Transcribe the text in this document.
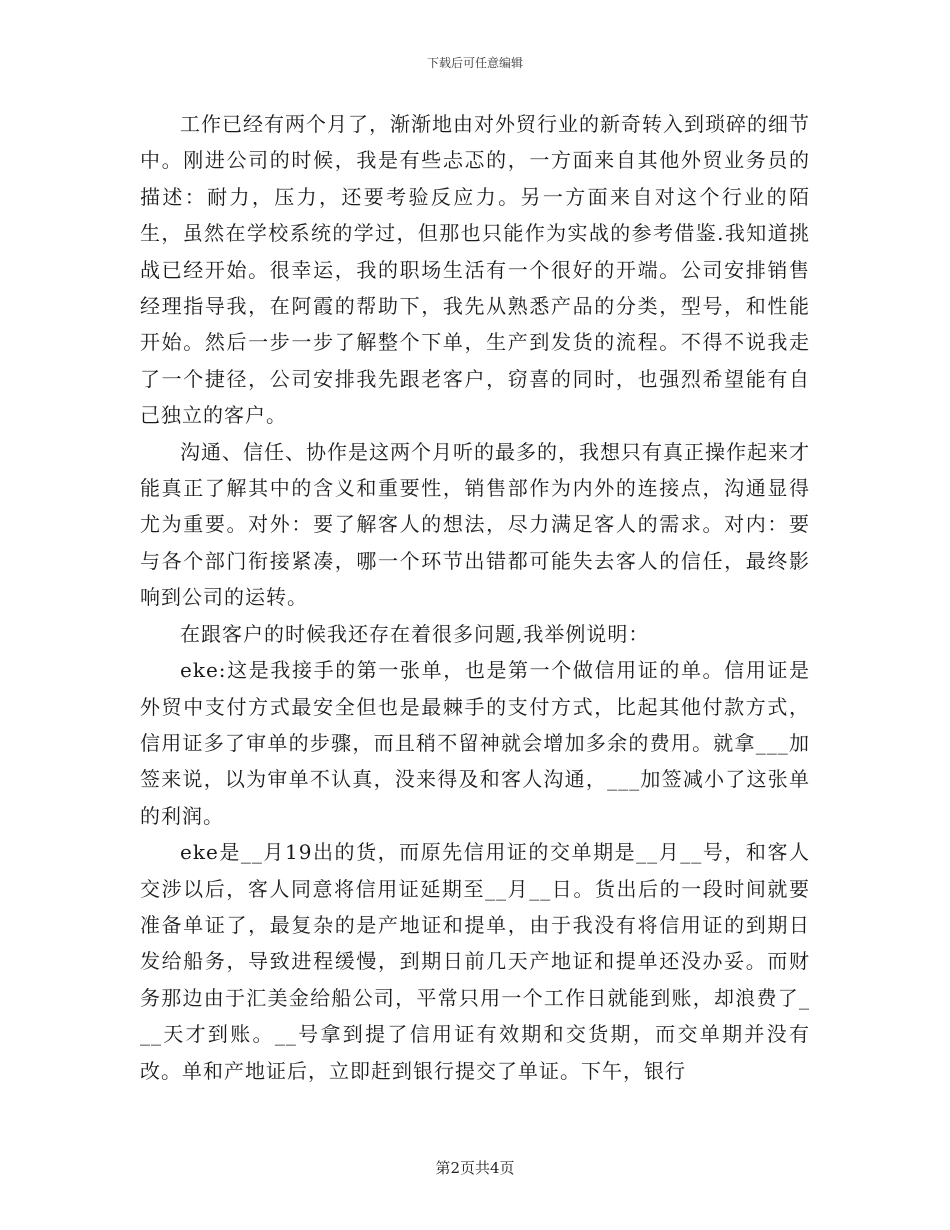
下载后可任意编辑

工作已经有两个月了，渐渐地由对外贸行业的新奇转入到琐碎的细节中。刚进公司的时候，我是有些忐忑的，一方面来自其他外贸业务员的描述：耐力，压力，还要考验反应力。另一方面来自对这个行业的陌生，虽然在学校系统的学过，但那也只能作为实战的参考借鉴.我知道挑战已经开始。很幸运，我的职场生活有一个很好的开端。公司安排销售经理指导我，在阿霞的帮助下，我先从熟悉产品的分类，型号，和性能开始。然后一步一步了解整个下单，生产到发货的流程。不得不说我走了一个捷径，公司安排我先跟老客户，窃喜的同时，也强烈希望能有自己独立的客户。

沟通、信任、协作是这两个月听的最多的，我想只有真正操作起来才能真正了解其中的含义和重要性，销售部作为内外的连接点，沟通显得尤为重要。对外：要了解客人的想法，尽力满足客人的需求。对内：要与各个部门衔接紧凑，哪一个环节出错都可能失去客人的信任，最终影响到公司的运转。

在跟客户的时候我还存在着很多问题,我举例说明：

eke:这是我接手的第一张单，也是第一个做信用证的单。信用证是外贸中支付方式最安全但也是最棘手的支付方式，比起其他付款方式，信用证多了审单的步骤，而且稍不留神就会增加多余的费用。就拿___加签来说，以为审单不认真，没来得及和客人沟通，___加签减小了这张单的利润。

eke是__月19出的货，而原先信用证的交单期是__月__号，和客人交涉以后，客人同意将信用证延期至__月__日。货出后的一段时间就要准备单证了，最复杂的是产地证和提单，由于我没有将信用证的到期日发给船务，导致进程缓慢，到期日前几天产地证和提单还没办妥。而财务那边由于汇美金给船公司，平常只用一个工作日就能到账，却浪费了___天才到账。__号拿到提了信用证有效期和交货期，而交单期并没有改。单和产地证后，立即赶到银行提交了单证。下午，银行

第2页共4页
